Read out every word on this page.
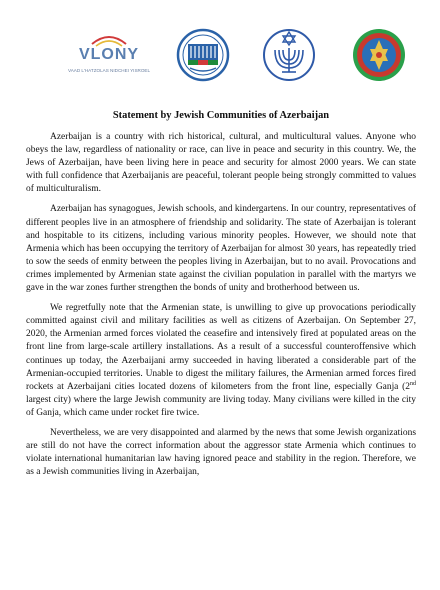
VLONY
VAAD L'HATZOLAS NIDCHEI YISROEL
Statement by Jewish Communities of Azerbaijan

Azerbaijan is a country with rich historical, cultural, and multicultural values. Anyone who obeys the law, regardless of nationality or race, can live in peace and security in this country. We, the Jews of Azerbaijan, have been living here in peace and security for almost 2000 years. We can state with full confidence that Azerbaijanis are peaceful, tolerant people being strongly committed to values of multiculturalism.

Azerbaijan has synagogues, Jewish schools, and kindergartens. In our country, representatives of different peoples live in an atmosphere of friendship and solidarity. The state of Azerbaijan is tolerant and hospitable to its citizens, including various minority peoples. However, we should note that Armenia which has been occupying the territory of Azerbaijan for almost 30 years, has repeatedly tried to sow the seeds of enmity between the peoples living in Azerbaijan, but to no avail. Provocations and crimes implemented by Armenian state against the civilian population in parallel with the martyrs we gave in the war zones further strengthen the bonds of unity and brotherhood between us.

We regretfully note that the Armenian state, is unwilling to give up provocations periodically committed against civil and military facilities as well as citizens of Azerbaijan. On September 27, 2020, the Armenian armed forces violated the ceasefire and intensively fired at populated areas on the front line from large-scale artillery installations. As a result of a successful counteroffensive which continues up today, the Azerbaijani army succeeded in having liberated a considerable part of the Armenian-occupied territories. Unable to digest the military failures, the Armenian armed forces fired rockets at Azerbaijani cities located dozens of kilometers from the front line, especially Ganja (2nd largest city) where the large Jewish community are living today. Many civilians were killed in the city of Ganja, which came under rocket fire twice.

Nevertheless, we are very disappointed and alarmed by the news that some Jewish organizations are still do not have the correct information about the aggressor state Armenia which continues to violate international humanitarian law having ignored peace and stability in the region. Therefore, we as a Jewish communities living in Azerbaijan,
